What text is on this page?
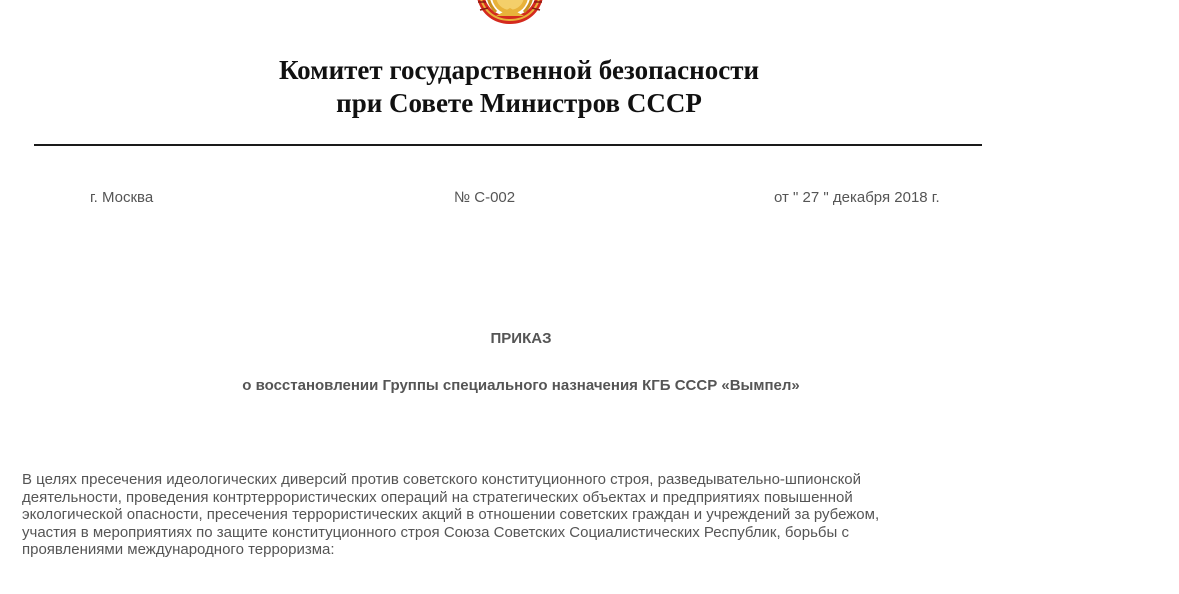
Комитет государственной безопасности
при Совете Министров СССР
г. Москва	№ С-002	от " 27 " декабря 2018 г.
ПРИКАЗ
о восстановлении Группы специального назначения КГБ СССР «Вымпел»
В целях пресечения идеологических диверсий против советского конституционного строя, разведывательно-шпионской
деятельности, проведения контртеррористических операций на стратегических объектах и предприятиях повышенной
экологической опасности, пресечения террористических акций в отношении советских граждан и учреждений за рубежом,
участия в мероприятиях по защите конституционного строя Союза Советских Социалистических Республик, борьбы с
проявлениями международного терроризма:
